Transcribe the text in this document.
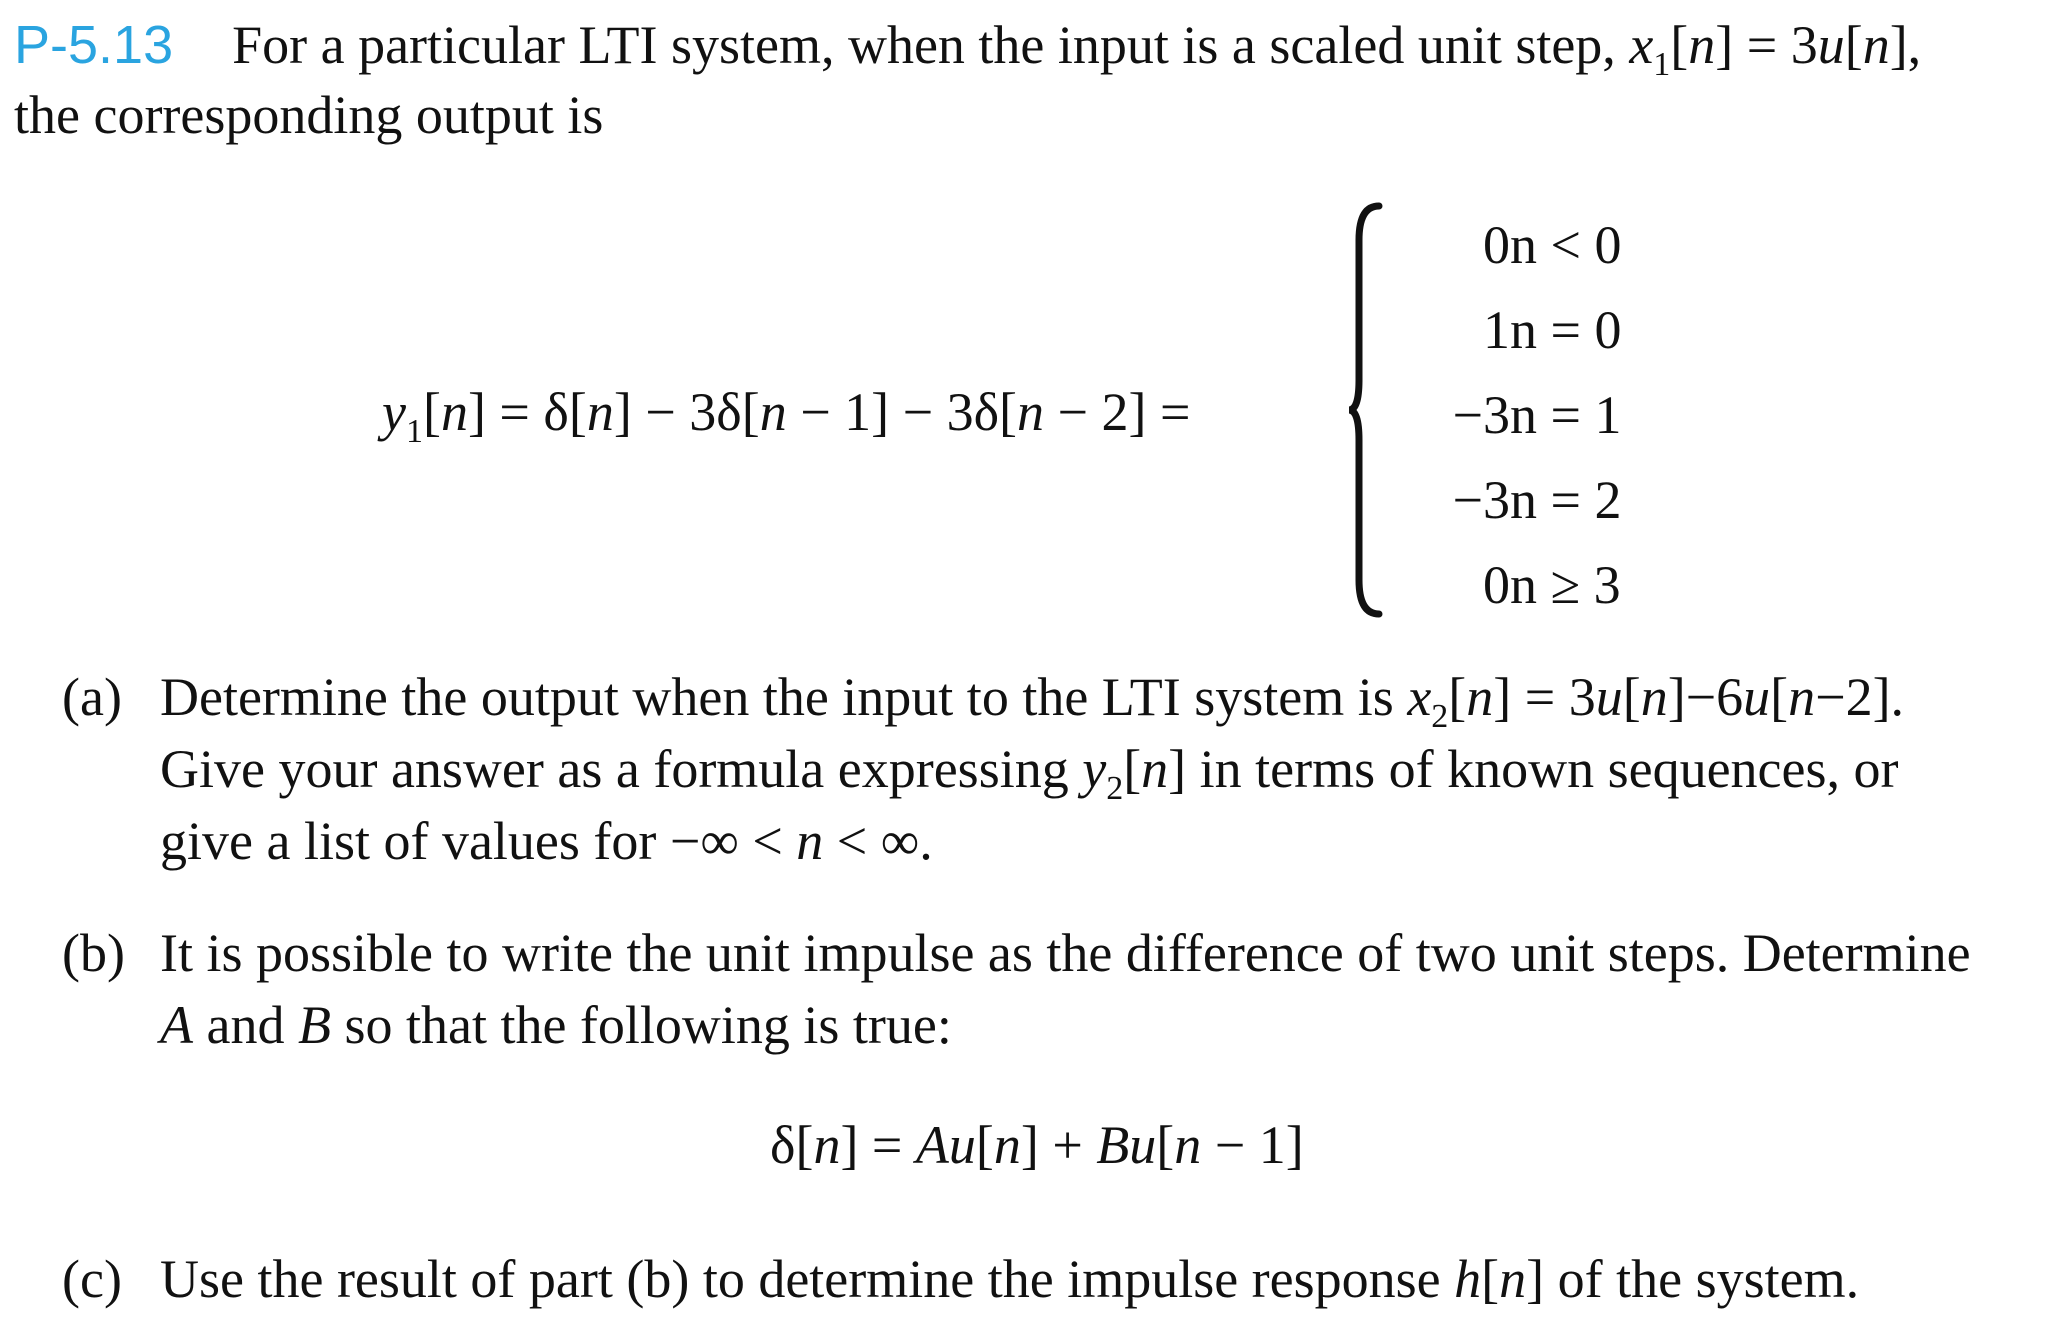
P-5.13 For a particular LTI system, when the input is a scaled unit step, $x_1[n] = 3u[n]$,
the corresponding output is
$y_1[n] = \delta[n] - 3\delta[n - 1] - 3\delta[n - 2]$ =
0 n < 0
1 n = 0
−3 n = 1
−3 n = 2
0 n ≥ 3
(a) Determine the output when the input to the LTI system is $x_2[n] = 3u[n]-6u[n-2]$.
Give your answer as a formula expressing $y_2[n]$ in terms of known sequences, or
give a list of values for −∞ < n < ∞.
(b) It is possible to write the unit impulse as the difference of two unit steps. Determine
A and B so that the following is true:
δ[n] = Au[n] + Bu[n − 1]
(c) Use the result of part (b) to determine the impulse response h[n] of the system.
